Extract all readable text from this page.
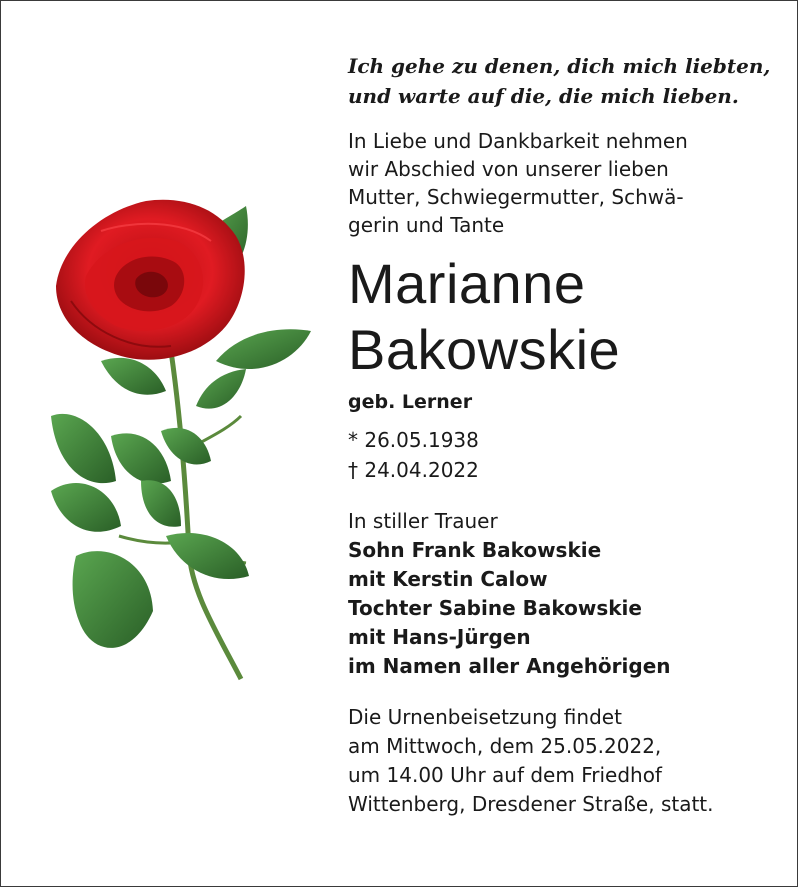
Ich gehe zu denen, dich mich liebten,
und warte auf die, die mich lieben.

In Liebe und Dankbarkeit nehmen
wir Abschied von unserer lieben
Mutter, Schwiegermutter, Schwä-
gerin und Tante

Marianne
Bakowskie

geb. Lerner

* 26.05.1938
† 24.04.2022

In stiller Trauer
Sohn Frank Bakowskie
mit Kerstin Calow
Tochter Sabine Bakowskie
mit Hans-Jürgen
im Namen aller Angehörigen

Die Urnenbeisetzung findet
am Mittwoch, dem 25.05.2022,
um 14.00 Uhr auf dem Friedhof
Wittenberg, Dresdener Straße, statt.
